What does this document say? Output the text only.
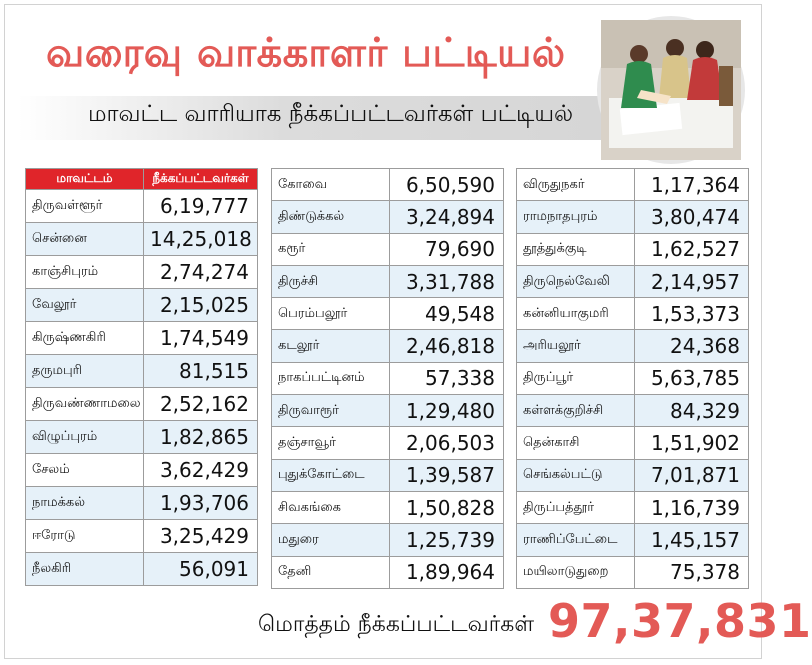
வரைவு வாக்காளர் பட்டியல்
மாவட்ட வாரியாக நீக்கப்பட்டவர்கள் பட்டியல்
மாவட்டம்	நீக்கப்பட்டவர்கள்
திருவள்ளூர்	6,19,777
சென்னை	14,25,018
காஞ்சிபுரம்	2,74,274
வேலூர்	2,15,025
கிருஷ்ணகிரி	1,74,549
தருமபுரி	81,515
திருவண்ணாமலை	2,52,162
விழுப்புரம்	1,82,865
சேலம்	3,62,429
நாமக்கல்	1,93,706
ஈரோடு	3,25,429
நீலகிரி	56,091
கோவை	6,50,590
திண்டுக்கல்	3,24,894
கரூர்	79,690
திருச்சி	3,31,788
பெரம்பலூர்	49,548
கடலூர்	2,46,818
நாகப்பட்டினம்	57,338
திருவாரூர்	1,29,480
தஞ்சாவூர்	2,06,503
புதுக்கோட்டை	1,39,587
சிவகங்கை	1,50,828
மதுரை	1,25,739
தேனி	1,89,964
விருதுநகர்	1,17,364
ராமநாதபுரம்	3,80,474
தூத்துக்குடி	1,62,527
திருநெல்வேலி	2,14,957
கன்னியாகுமரி	1,53,373
அரியலூர்	24,368
திருப்பூர்	5,63,785
கள்ளக்குறிச்சி	84,329
தென்காசி	1,51,902
செங்கல்பட்டு	7,01,871
திருப்பத்தூர்	1,16,739
ராணிப்பேட்டை	1,45,157
மயிலாடுதுறை	75,378
மொத்தம் நீக்கப்பட்டவர்கள் 97,37,831
